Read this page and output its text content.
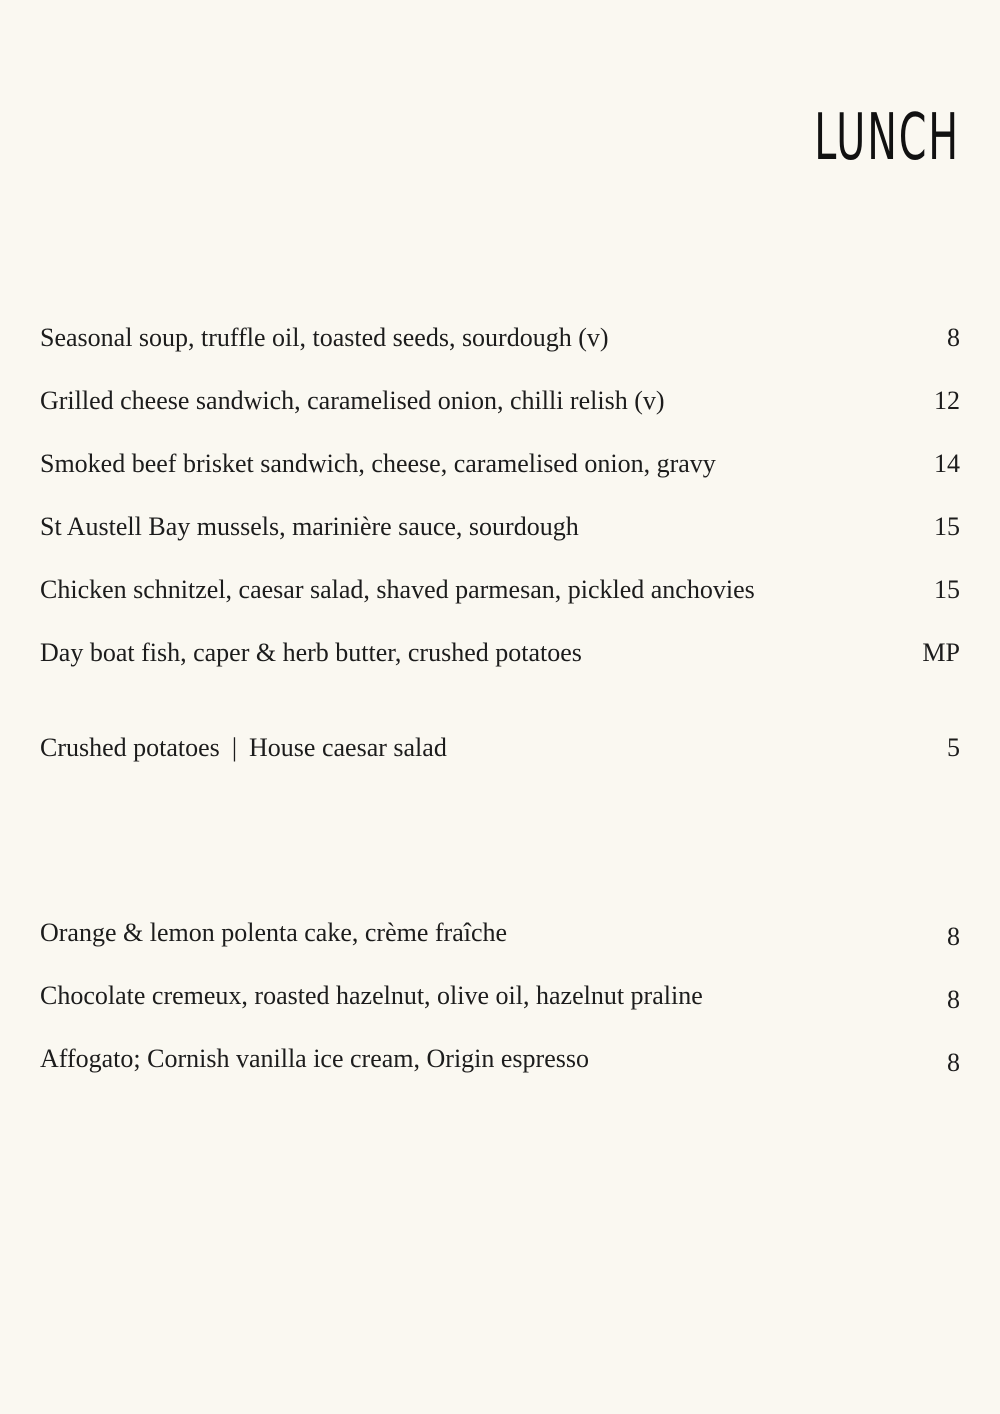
LUNCH
Seasonal soup, truffle oil, toasted seeds, sourdough (v)	8
Grilled cheese sandwich, caramelised onion, chilli relish (v)	12
Smoked beef brisket sandwich, cheese, caramelised onion, gravy	14
St Austell Bay mussels, marinière sauce, sourdough	15
Chicken schnitzel, caesar salad, shaved parmesan, pickled anchovies	15
Day boat fish, caper & herb butter, crushed potatoes	MP
Crushed potatoes | House caesar salad	5
Orange & lemon polenta cake, crème fraîche	8
Chocolate cremeux, roasted hazelnut, olive oil, hazelnut praline	8
Affogato; Cornish vanilla ice cream, Origin espresso	8
